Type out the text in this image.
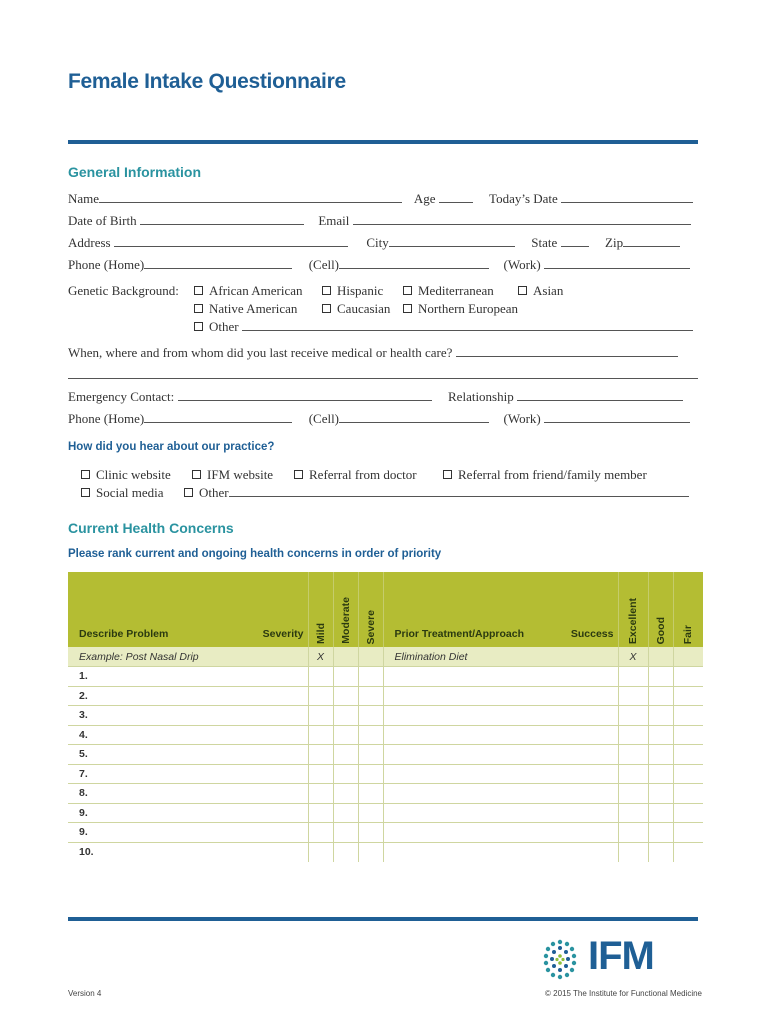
Female Intake Questionnaire
General Information
Name	Age	Today’s Date
Date of Birth	Email
Address	City	State	Zip
Phone (Home)	(Cell)	(Work)
Genetic Background:	African American	Hispanic	Mediterranean	Asian
Native American	Caucasian	Northern European
Other
When, where and from whom did you last receive medical or health care?
Emergency Contact:	Relationship
Phone (Home)	(Cell)	(Work)
How did you hear about our practice?
Clinic website	IFM website	Referral from doctor	Referral from friend/family member
Social media	Other
Current Health Concerns
Please rank current and ongoing health concerns in order of priority
Describe Problem Severity	Mild	Moderate	Severe	Prior Treatment/Approach Success	Excellent	Good	Fair
Example: Post Nasal Drip	X			Elimination Diet	X		
1.							
2.							
3.							
4.							
5.							
7.							
8.							
9.							
9.							
10.							
IFM
Version 4	© 2015 The Institute for Functional Medicine
